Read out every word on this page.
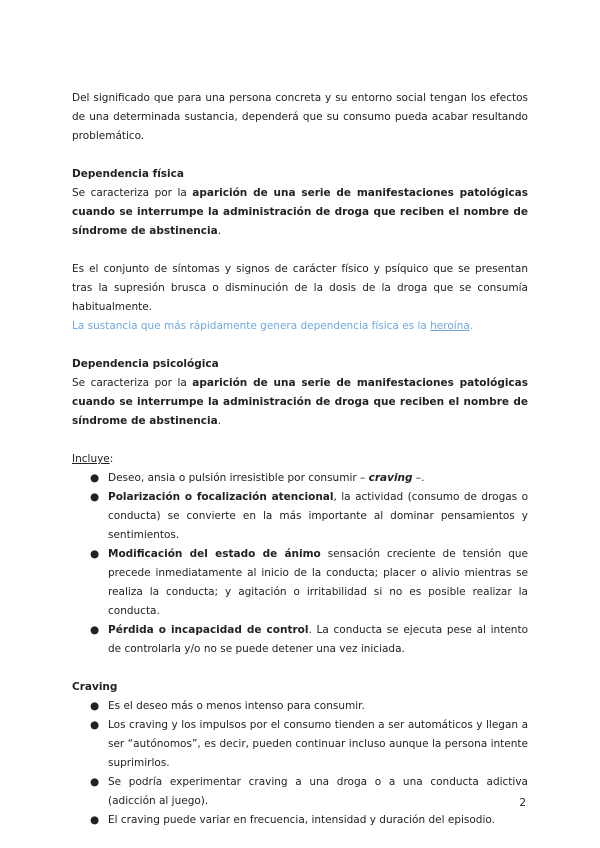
Del significado que para una persona concreta y su entorno social tengan los efectos de una determinada sustancia, dependerá que su consumo pueda acabar resultando problemático.

Dependencia física

Se caracteriza por la aparición de una serie de manifestaciones patológicas cuando se interrumpe la administración de droga que reciben el nombre de síndrome de abstinencia.

Es el conjunto de síntomas y signos de carácter físico y psíquico que se presentan tras la supresión brusca o disminución de la dosis de la droga que se consumía habitualmente.

La sustancia que más rápidamente genera dependencia física es la heroína.

Dependencia psicológica

Se caracteriza por la aparición de una serie de manifestaciones patológicas cuando se interrumpe la administración de droga que reciben el nombre de síndrome de abstinencia.

Incluye:

● Deseo, ansia o pulsión irresistible por consumir – craving –.
● Polarización o focalización atencional, la actividad (consumo de drogas o conducta) se convierte en la más importante al dominar pensamientos y sentimientos.
● Modificación del estado de ánimo sensación creciente de tensión que precede inmediatamente al inicio de la conducta; placer o alivio mientras se realiza la conducta; y agitación o irritabilidad si no es posible realizar la conducta.
● Pérdida o incapacidad de control. La conducta se ejecuta pese al intento de controlarla y/o no se puede detener una vez iniciada.
Craving
● Es el deseo más o menos intenso para consumir.
● Los craving y los impulsos por el consumo tienden a ser automáticos y llegan a ser “autónomos”, es decir, pueden continuar incluso aunque la persona intente suprimirlos.
● Se podría experimentar craving a una droga o a una conducta adictiva (adicción al juego).
● El craving puede variar en frecuencia, intensidad y duración del episodio.
2
